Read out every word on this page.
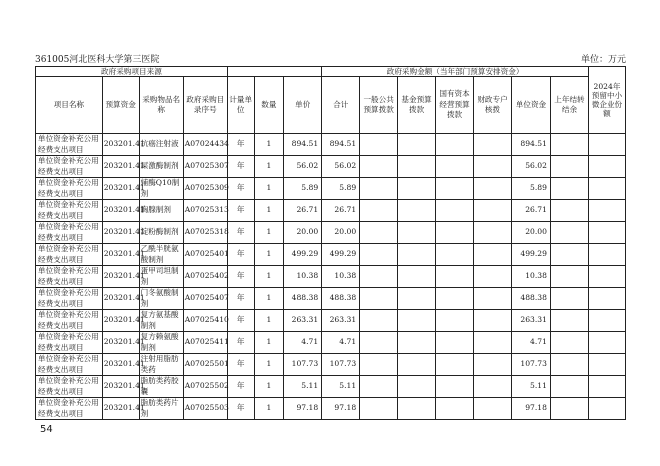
361005河北医科大学第三医院	单位：万元
政府采购项目来源							政府采购金额（当年部门预算安排资金）							2024年预留中小微企业份额
项目名称	预算资金	采购物品名称	政府采购目录序号	计量单位	数量	单价	合计	一般公共预算拨款	基金预算拨款	国有资本经营预算拨款	财政专户核拨	单位资金	上年结转结余	
单位资金补充公用经费支出项目	203201.41	抗癌注射液	A07024434	年	1	894.51	894.51					894.51		
单位资金补充公用经费支出项目	203201.41	屎激酶制剂	A07025307	年	1	56.02	56.02					56.02		
单位资金补充公用经费支出项目	203201.41	辅酶Q10制剂	A07025309	年	1	5.89	5.89					5.89		
单位资金补充公用经费支出项目	203201.41	胸腺制剂	A07025313	年	1	26.71	26.71					26.71		
单位资金补充公用经费支出项目	203201.41	淀粉酶制剂	A07025318	年	1	20.00	20.00					20.00		
单位资金补充公用经费支出项目	203201.41	乙酰半胱氨酸制剂	A07025401	年	1	499.29	499.29					499.29		
单位资金补充公用经费支出项目	203201.41	蛋甲司坦制剂	A07025402	年	1	10.38	10.38					10.38		
单位资金补充公用经费支出项目	203201.41	门冬氨酸制剂	A07025407	年	1	488.38	488.38					488.38		
单位资金补充公用经费支出项目	203201.41	复方氨基酸制剂	A07025410	年	1	263.31	263.31					263.31		
单位资金补充公用经费支出项目	203201.41	复方赖氨酸制剂	A07025411	年	1	4.71	4.71					4.71		
单位资金补充公用经费支出项目	203201.41	注射用脂肪类药	A07025501	年	1	107.73	107.73					107.73		
单位资金补充公用经费支出项目	203201.41	脂肪类药胶囊	A07025502	年	1	5.11	5.11					5.11		
单位资金补充公用经费支出项目	203201.41	脂肪类药片剂	A07025503	年	1	97.18	97.18					97.18		
54
